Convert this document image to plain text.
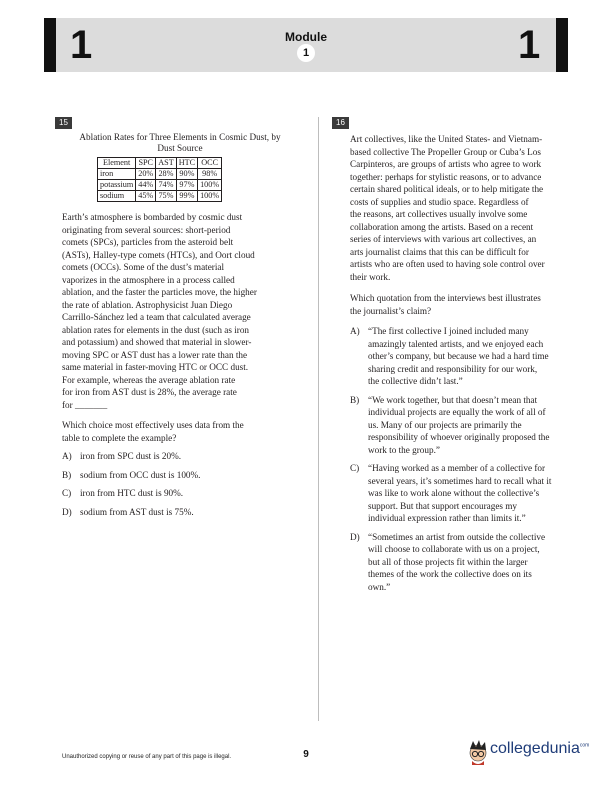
1	1
Module
1
15
Ablation Rates for Three Elements in Cosmic Dust, by
Dust Source
Element	SPC	AST	HTC	OCC
iron	20%	28%	90%	98%
potassium	44%	74%	97%	100%
sodium	45%	75%	99%	100%

Earth’s atmosphere is bombarded by cosmic dust
originating from several sources: short-period
comets (SPCs), particles from the asteroid belt
(ASTs), Halley-type comets (HTCs), and Oort cloud
comets (OCCs). Some of the dust’s material
vaporizes in the atmosphere in a process called
ablation, and the faster the particles move, the higher
the rate of ablation. Astrophysicist Juan Diego
Carrillo-Sánchez led a team that calculated average
ablation rates for elements in the dust (such as iron
and potassium) and showed that material in slower-
moving SPC or AST dust has a lower rate than the
same material in faster-moving HTC or OCC dust.
For example, whereas the average ablation rate
for iron from AST dust is 28%, the average rate
for _______

Which choice most effectively uses data from the
table to complete the example?

A) iron from SPC dust is 20%.
B) sodium from OCC dust is 100%.
C) iron from HTC dust is 90%.
D) sodium from AST dust is 75%.
16

Art collectives, like the United States- and Vietnam-
based collective The Propeller Group or Cuba’s Los
Carpinteros, are groups of artists who agree to work
together: perhaps for stylistic reasons, or to advance
certain shared political ideals, or to help mitigate the
costs of supplies and studio space. Regardless of
the reasons, art collectives usually involve some
collaboration among the artists. Based on a recent
series of interviews with various art collectives, an
arts journalist claims that this can be difficult for
artists who are often used to having sole control over
their work.

Which quotation from the interviews best illustrates
the journalist’s claim?

A) “The first collective I joined included many
amazingly talented artists, and we enjoyed each
other’s company, but because we had a hard time
sharing credit and responsibility for our work,
the collective didn’t last.”
B) “We work together, but that doesn’t mean that
individual projects are equally the work of all of
us. Many of our projects are primarily the
responsibility of whoever originally proposed the
work to the group.”
C) “Having worked as a member of a collective for
several years, it’s sometimes hard to recall what it
was like to work alone without the collective’s
support. But that support encourages my
individual expression rather than limits it.”
D) “Sometimes an artist from outside the collective
will choose to collaborate with us on a project,
but all of those projects fit within the larger
themes of the work the collective does on its
own.”
Unauthorized copying or reuse of any part of this page is illegal.	9	collegedunia$^{com}$
